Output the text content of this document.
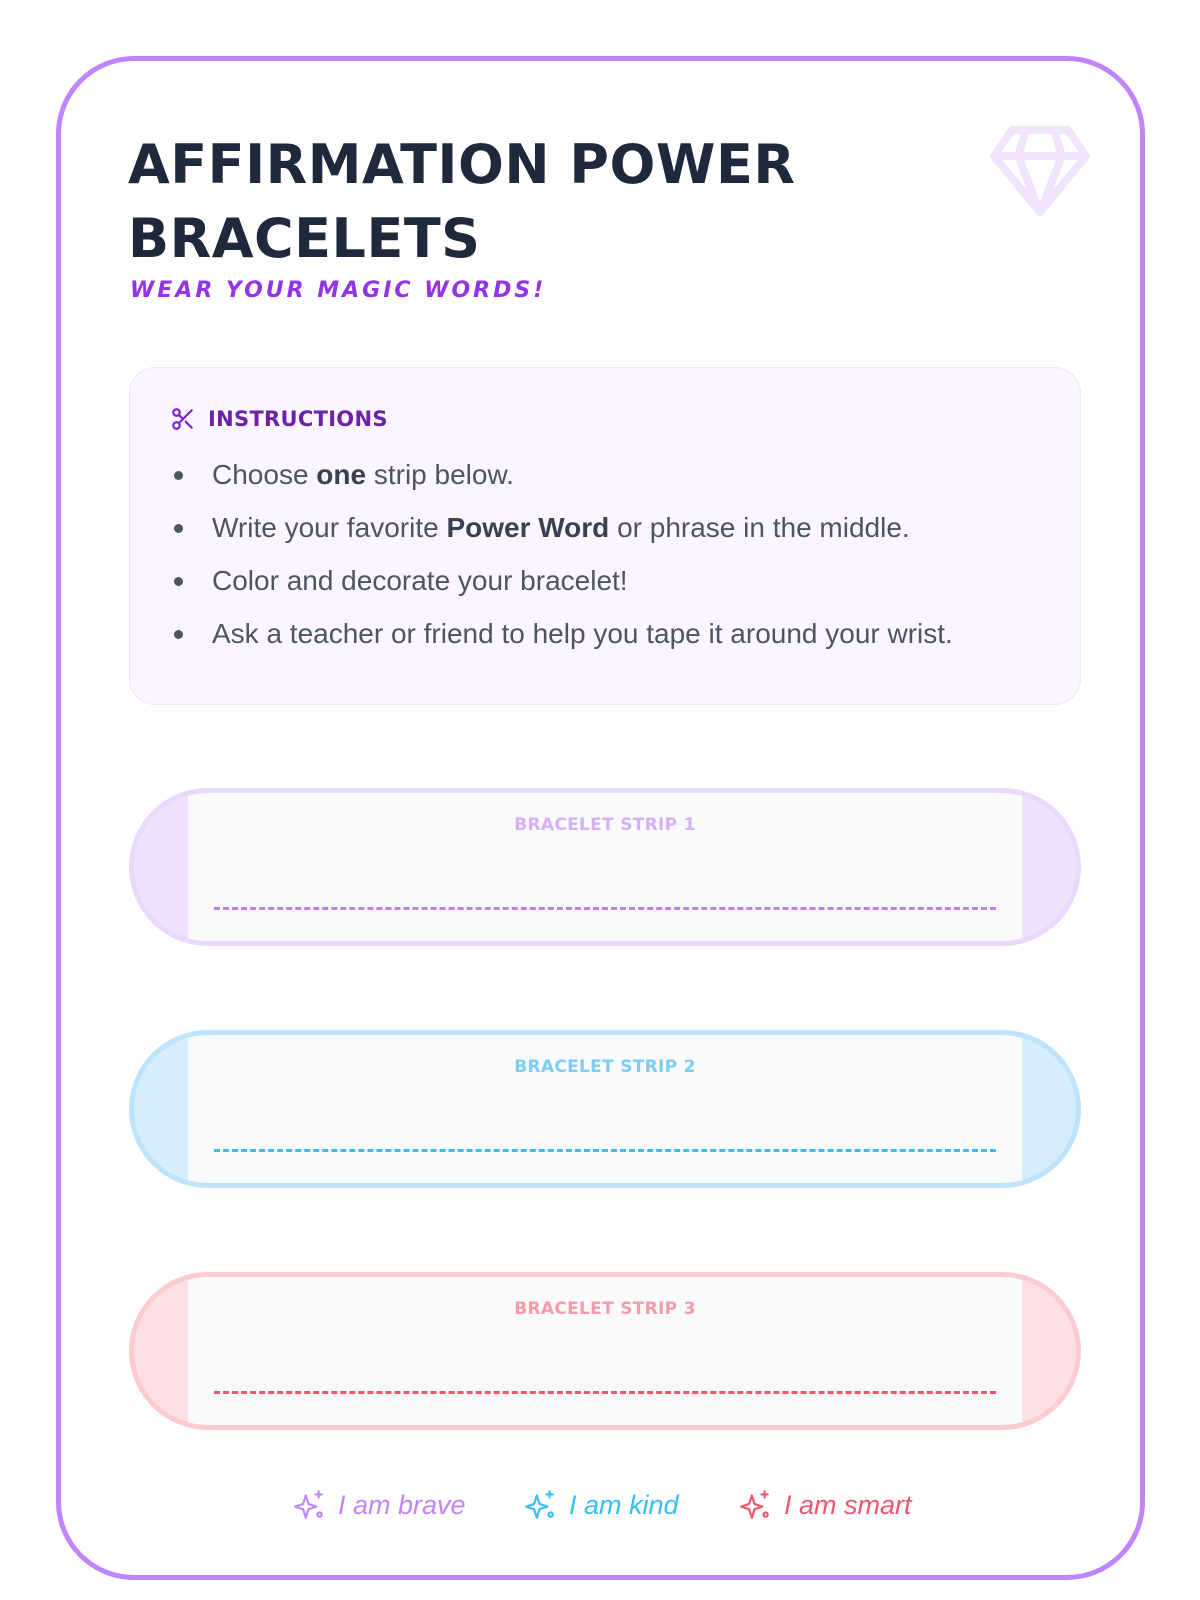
AFFIRMATION POWER BRACELETS

WEAR YOUR MAGIC WORDS!

INSTRUCTIONS
Choose one strip below.
Write your favorite Power Word or phrase in the middle.
Color and decorate your bracelet!
Ask a teacher or friend to help you tape it around your wrist.
BRACELET STRIP 1
BRACELET STRIP 2
BRACELET STRIP 3
I am brave	I am kind	I am smart
